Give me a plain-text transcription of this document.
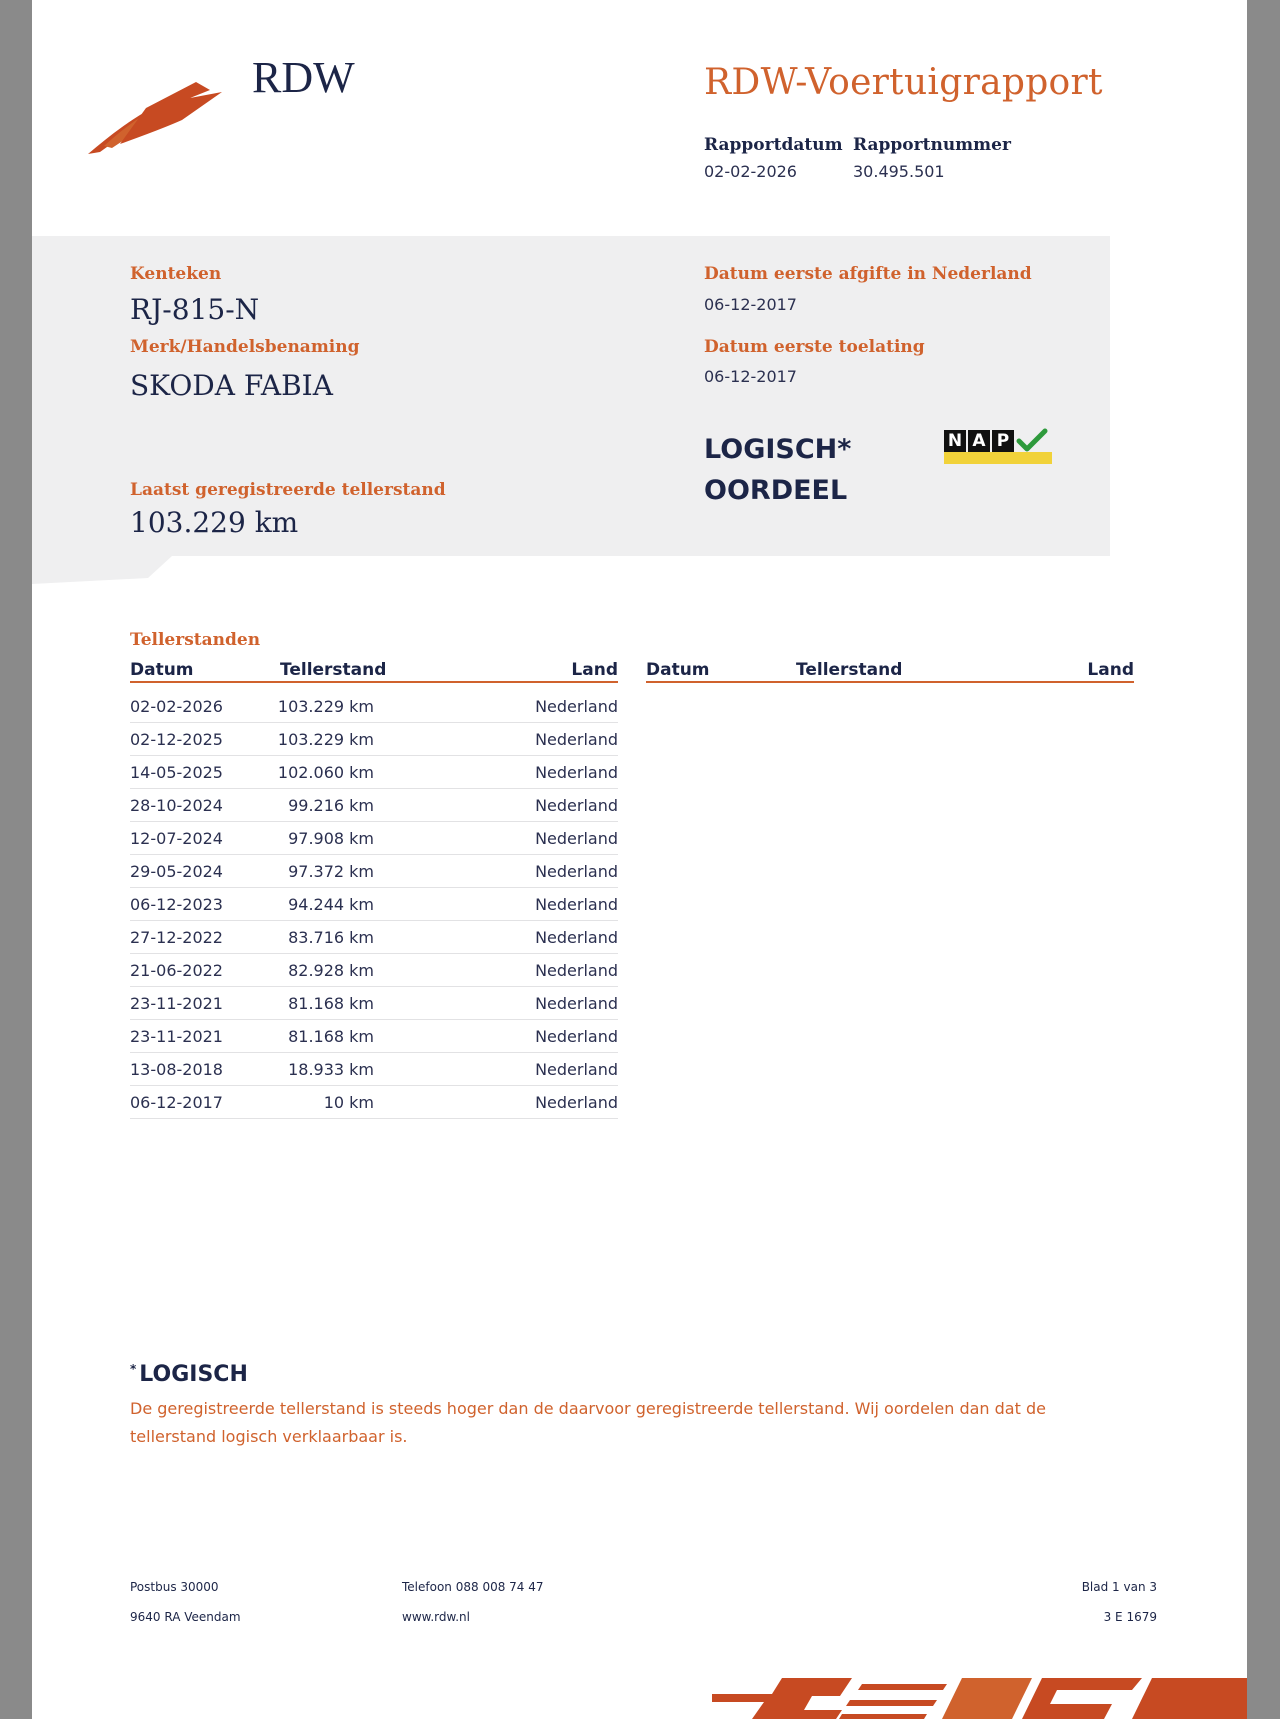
RDW	RDW-Voertuigrapport
Rapportdatum
02-02-2026
Rapportnummer
30.495.501
Kenteken
RJ-815-N
Merk/Handelsbenaming
SKODA FABIA
Laatst geregistreerde tellerstand
103.229 km
Datum eerste afgifte in Nederland
06-12-2017
Datum eerste toelating
06-12-2017
LOGISCH*
OORDEEL
N A P
Tellerstanden
Datum	Tellerstand	Land Datum	Tellerstand	Land
02-02-2026	103.229 km	Nederland
02-12-2025	103.229 km	Nederland
14-05-2025	102.060 km	Nederland
28-10-2024	99.216 km	Nederland
12-07-2024	97.908 km	Nederland
29-05-2024	97.372 km	Nederland
06-12-2023	94.244 km	Nederland
27-12-2022	83.716 km	Nederland
21-06-2022	82.928 km	Nederland
23-11-2021	81.168 km	Nederland
23-11-2021	81.168 km	Nederland
13-08-2018	18.933 km	Nederland
06-12-2017	10 km	Nederland
* LOGISCH
De geregistreerde tellerstand is steeds hoger dan de daarvoor geregistreerde tellerstand. Wij oordelen dan dat de tellerstand logisch verklaarbaar is.
Postbus 30000
9640 RA Veendam
Telefoon 088 008 74 47
www.rdw.nl
Blad 1 van 3
3 E 1679
